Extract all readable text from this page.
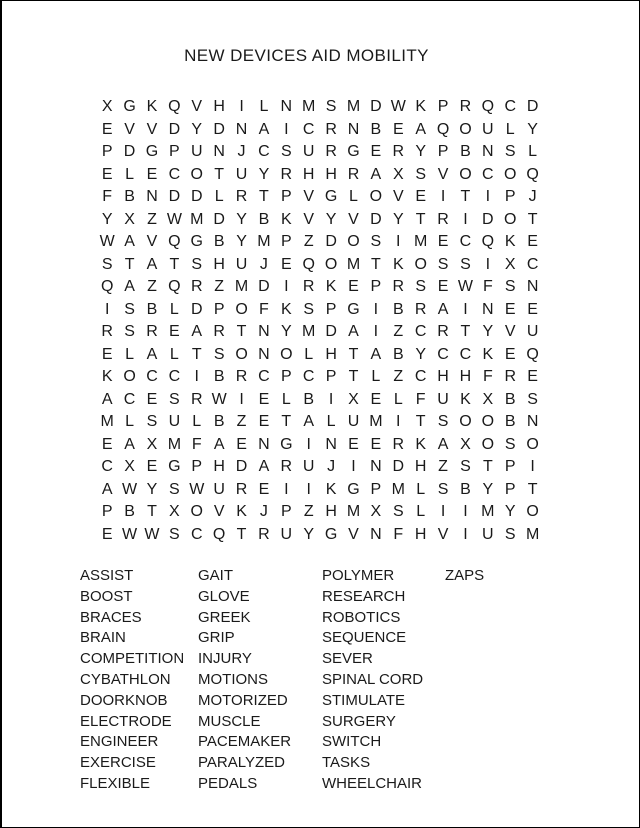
NEW DEVICES AID MOBILITY
X G K Q V H I L N M S M D W K P R Q C D
E V V D Y D N A I C R N B E A Q O U L Y
P D G P U N J C S U R G E R Y P B N S L
E L E C O T U Y R H H R A X S V O C O Q
F B N D D L R T P V G L O V E I T I P J
Y X Z W M D Y B K V Y V D Y T R I D O T
W A V Q G B Y M P Z D O S I M E C Q K E
S T A T S H U J E Q O M T K O S S I X C
Q A Z Q R Z M D I R K E P R S E W F S N
I S B L D P O F K S P G I B R A I N E E
R S R E A R T N Y M D A I Z C R T Y V U
E L A L T S O N O L H T A B Y C C K E Q
K O C C I B R C P C P T L Z C H H F R E
A C E S R W I E L B I X E L F U K X B S
M L S U L B Z E T A L U M I T S O O B N
E A X M F A E N G I N E E R K A X O S O
C X E G P H D A R U J	I N D H Z S T P I
A W Y S W U R E I	I K G P M L S B Y P T
P B T X O V K J P Z H M X S L I	I M Y O
E W W S C Q T R U Y G V N F H V I U S M
ASSIST
BOOST
BRACES
BRAIN
COMPETITION
CYBATHLON
DOORKNOB
ELECTRODE
ENGINEER
EXERCISE
FLEXIBLE
GAIT
GLOVE
GREEK
GRIP
INJURY
MOTIONS
MOTORIZED
MUSCLE
PACEMAKER
PARALYZED
PEDALS
POLYMER
RESEARCH
ROBOTICS
SEQUENCE
SEVER
SPINAL CORD
STIMULATE
SURGERY
SWITCH
TASKS
WHEELCHAIR
ZAPS
